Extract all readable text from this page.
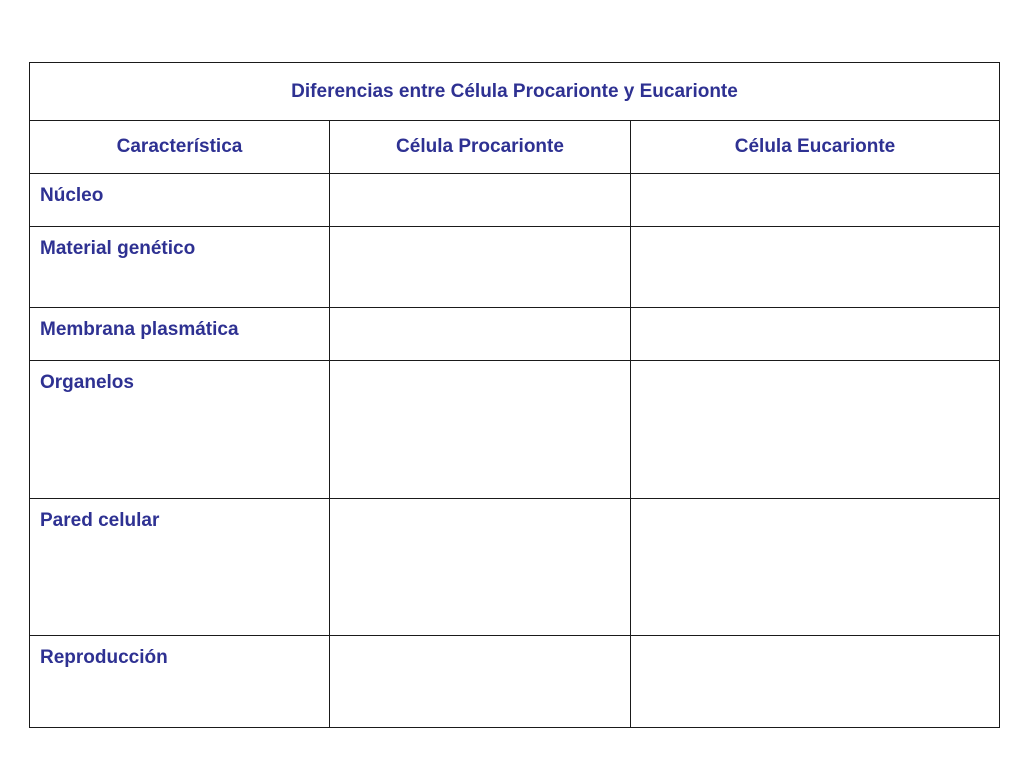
Diferencias entre Célula Procarionte y Eucarionte		
Característica	Célula Procarionte	Célula Eucarionte
Núcleo		
Material genético		
Membrana plasmática		
Organelos		
Pared celular		
Reproducción		
